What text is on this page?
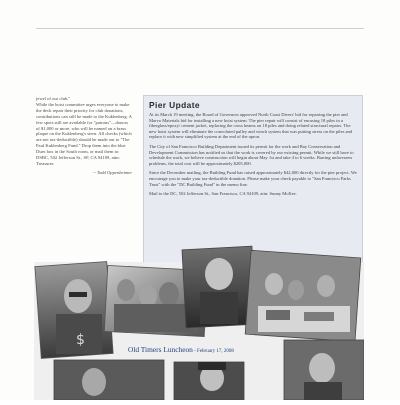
jewel of our club."

While the hoist committee urges everyone to make the deck repair their priority for club donations, contributions can still be made to the Kuklenberg. A few spots still are available for "patrons"—donors of $1,000 or more, who will be named on a brass plaque on the Kuklenberg's stern. All checks (which are not tax-deductible) should be made out to "The Paul Kuklenberg Fund." Drop them into the blue Dues box in the South room, or mail them to: DSBC, 502 Jefferson St., SF, CA 94109, attn: Treasurer.

~ Todd Oppenheimer

Pier Update

At its March 19 meeting, the Board of Governors approved North Coast Divers' bid for repairing the pier and Marvo Materials bid for installing a new hoist system. The pier repair will consist of encasing 18 piles in a fiberglass/epoxy/ cement jacket, replacing the cross beams on 18 piles and doing related structural repairs. The new hoist system will eliminate the convoluted pulley and winch system that was putting stress on the piles and replace it with new simplified system at the end of the apron.

The City of San Francisco Building Department issued its permit for the work and Bay Conservation and Development Commission has notified us that the work is covered by our existing permit. While we still have to schedule the work, we believe construction will begin about May 1st and take 4 to 6 weeks. Barring unforeseen problems, the total cost will be approximately $205,000.

Since the December mailing, the Building Fund has raised approximately $42,000 directly for the pier project. We encourage you to make your tax-deductible donation. Please make your check payable to "San Francisco Parks Trust" with the "DC Building Fund" in the memo line.

Mail to the DC, 502 Jefferson St., San Francisco, CA 94109, attn: Sunny McKee.

$
Old Timers Luncheon - February 17, 2008
